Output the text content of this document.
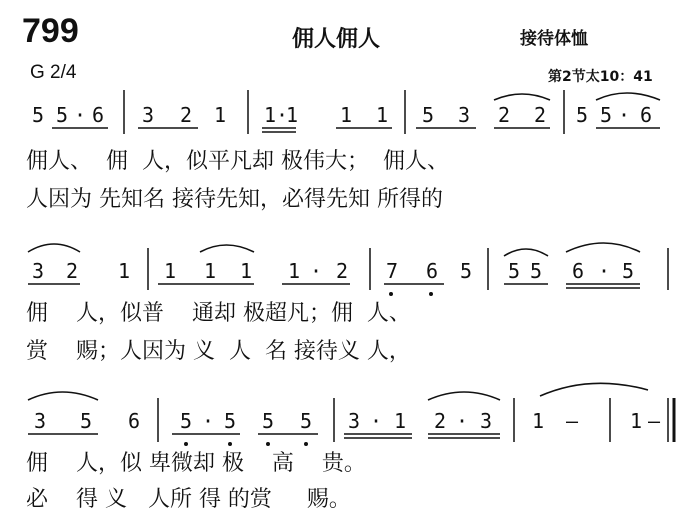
799	佣人佣人	接待体恤
G 2/4	第2节太10：41
5 5 · 6 3 2 1 1 ·
1 1 1 5 3 2 2 5 5 · 6
佣人、  佣  人，似平凡却 极伟大；  佣人、
人因为 先知名 接待先知，必得先知 所得的
3 2 1 1 1 1 1 · 2 7 6 5 5 5 6 · 5
佣    人，似普    通却 极超凡；佣  人、
赏    赐；人因为 义  人  名 接待义 人，
3 5 6 5 · 5 5 5 3 · 1 2 · 3 1 –	1 –
佣    人，似 卑微却 极    高    贵。
必    得 义   人所 得 的赏     赐。
